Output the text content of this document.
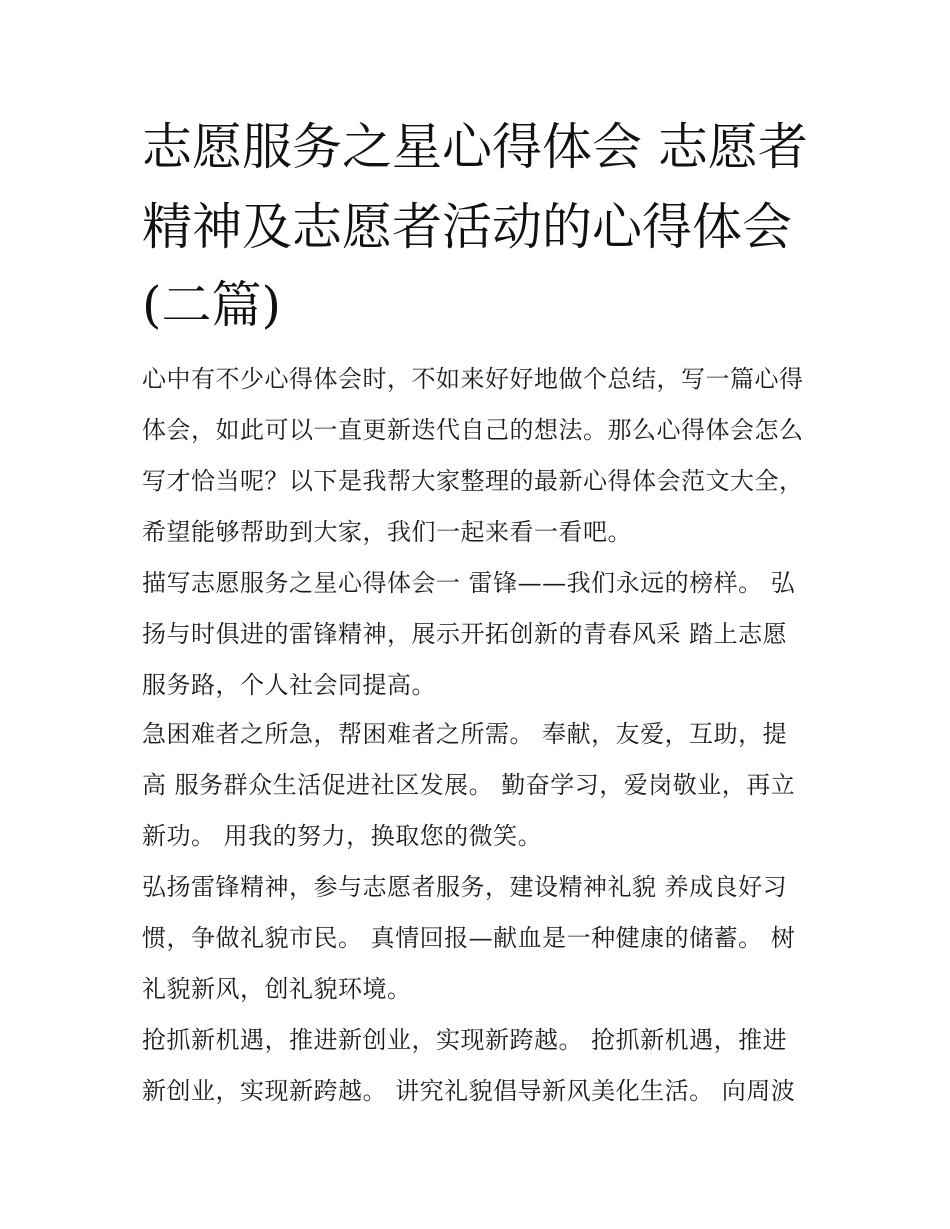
志愿服务之星心得体会 志愿者
精神及志愿者活动的心得体会
(二篇)
心中有不少心得体会时，不如来好好地做个总结，写一篇心得
体会，如此可以一直更新迭代自己的想法。那么心得体会怎么
写才恰当呢？以下是我帮大家整理的最新心得体会范文大全，
希望能够帮助到大家，我们一起来看一看吧。
描写志愿服务之星心得体会一 雷锋——我们永远的榜样。 弘
扬与时俱进的雷锋精神，展示开拓创新的青春风采 踏上志愿
服务路，个人社会同提高。
急困难者之所急，帮困难者之所需。 奉献，友爱，互助，提
高 服务群众生活促进社区发展。 勤奋学习，爱岗敬业，再立
新功。 用我的努力，换取您的微笑。
弘扬雷锋精神，参与志愿者服务，建设精神礼貌 养成良好习
惯，争做礼貌市民。 真情回报—献血是一种健康的储蓄。 树
礼貌新风，创礼貌环境。
抢抓新机遇，推进新创业，实现新跨越。 抢抓新机遇，推进
新创业，实现新跨越。 讲究礼貌倡导新风美化生活。 向周波
